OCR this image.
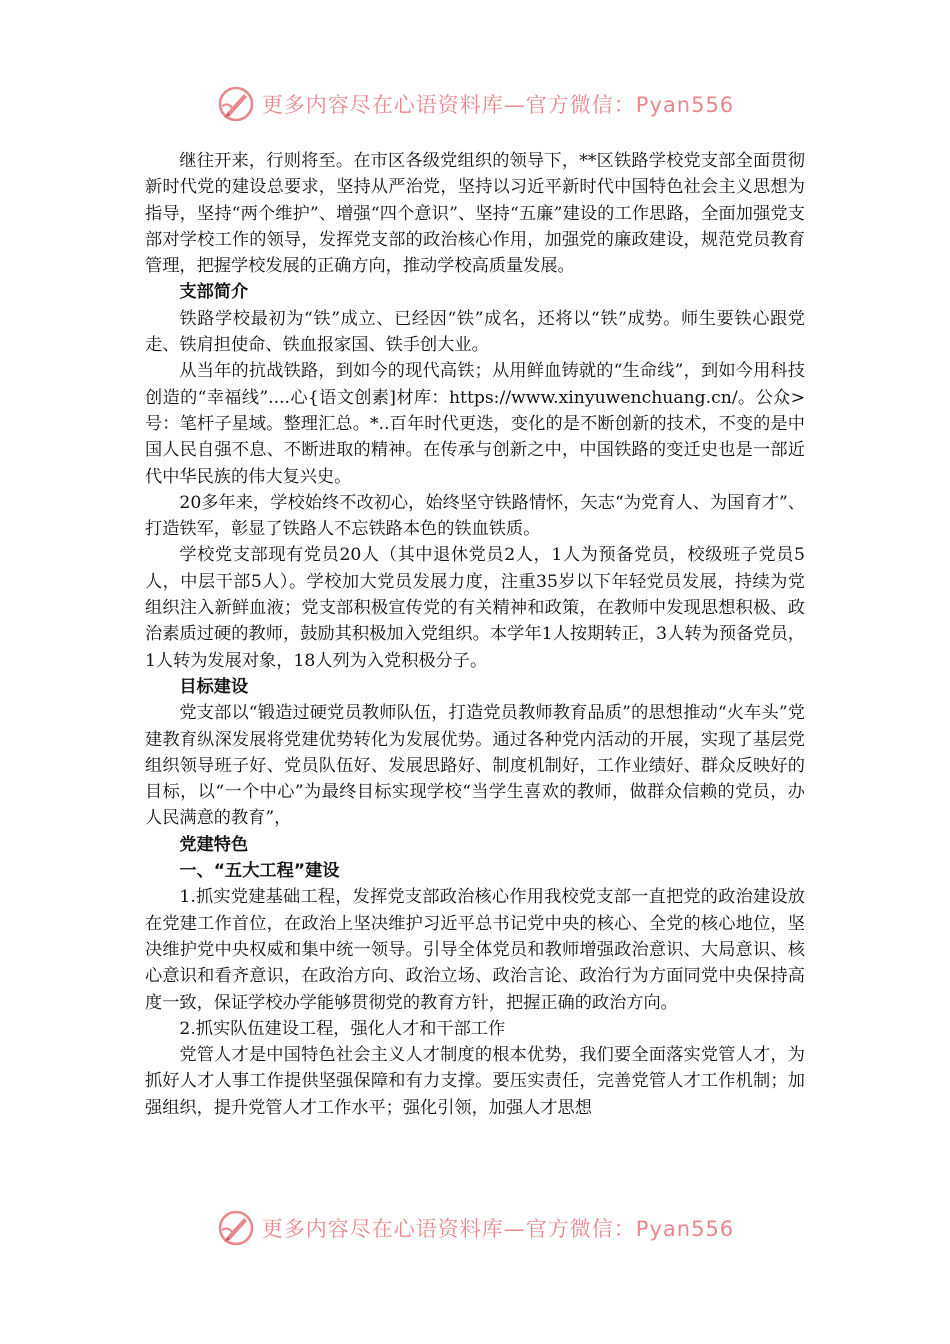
更多内容尽在心语资料库—官方微信：Pyan556

继往开来，行则将至。在市区各级党组织的领导下，**区铁路学校党支部全面贯彻新时代党的建设总要求，坚持从严治党，坚持以习近平新时代中国特色社会主义思想为指导，坚持“两个维护”、增强“四个意识”、坚持“五廉”建设的工作思路，全面加强党支部对学校工作的领导，发挥党支部的政治核心作用，加强党的廉政建设，规范党员教育管理，把握学校发展的正确方向，推动学校高质量发展。

支部简介

铁路学校最初为“铁”成立、已经因“铁”成名，还将以“铁”成势。师生要铁心跟党走、铁肩担使命、铁血报家国、铁手创大业。

从当年的抗战铁路，到如今的现代高铁；从用鲜血铸就的“生命线”，到如今用科技创造的“幸福线”....心{语文创素]材库：https://www.xinyuwenchuang.cn/。公众>号：笔杆子星域。整理汇总。*..百年时代更迭，变化的是不断创新的技术，不变的是中国人民自强不息、不断进取的精神。在传承与创新之中，中国铁路的变迁史也是一部近代中华民族的伟大复兴史。

20多年来，学校始终不改初心，始终坚守铁路情怀，矢志“为党育人、为国育才”、打造铁军，彰显了铁路人不忘铁路本色的铁血铁质。

学校党支部现有党员20人（其中退休党员2人，1人为预备党员，校级班子党员5人，中层干部5人）。学校加大党员发展力度，注重35岁以下年轻党员发展，持续为党组织注入新鲜血液；党支部积极宣传党的有关精神和政策，在教师中发现思想积极、政治素质过硬的教师，鼓励其积极加入党组织。本学年1人按期转正，3人转为预备党员，1人转为发展对象，18人列为入党积极分子。

目标建设

党支部以“锻造过硬党员教师队伍，打造党员教师教育品质”的思想推动“火车头”党建教育纵深发展将党建优势转化为发展优势。通过各种党内活动的开展，实现了基层党组织领导班子好、党员队伍好、发展思路好、制度机制好，工作业绩好、群众反映好的目标，以“一个中心”为最终目标实现学校“当学生喜欢的教师，做群众信赖的党员，办人民满意的教育”，

党建特色

一、“五大工程”建设

1.抓实党建基础工程，发挥党支部政治核心作用我校党支部一直把党的政治建设放在党建工作首位，在政治上坚决维护习近平总书记党中央的核心、全党的核心地位，坚决维护党中央权威和集中统一领导。引导全体党员和教师增强政治意识、大局意识、核心意识和看齐意识，在政治方向、政治立场、政治言论、政治行为方面同党中央保持高度一致，保证学校办学能够贯彻党的教育方针，把握正确的政治方向。

2.抓实队伍建设工程，强化人才和干部工作

党管人才是中国特色社会主义人才制度的根本优势，我们要全面落实党管人才，为抓好人才人事工作提供坚强保障和有力支撑。要压实责任，完善党管人才工作机制；加强组织，提升党管人才工作水平；强化引领，加强人才思想

更多内容尽在心语资料库—官方微信：Pyan556
